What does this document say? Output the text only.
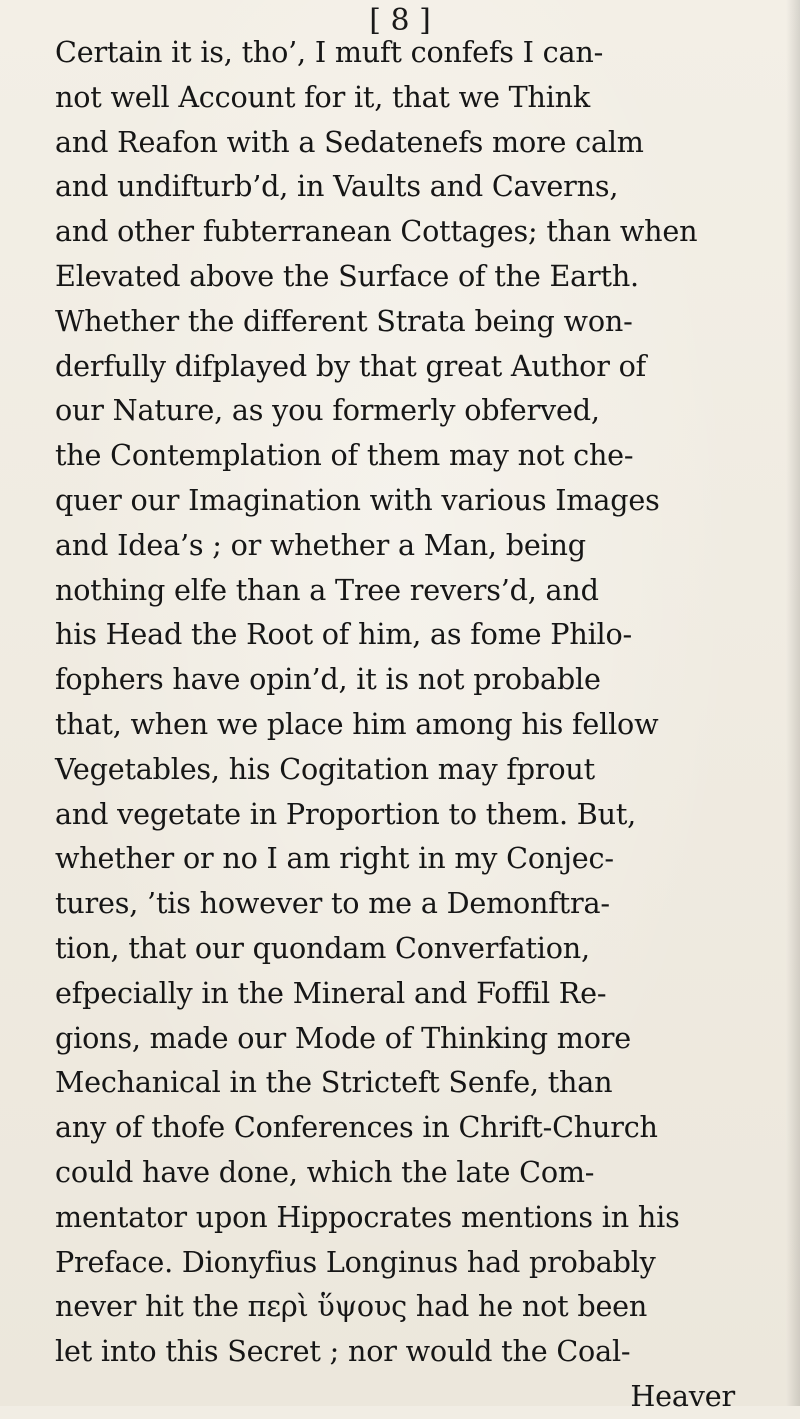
[ 8 ]
Certain it is, tho’, I muft confefs I can-
not well Account for it, that we Think
and Reafon with a Sedatenefs more calm
and undifturb’d, in Vaults and Caverns,
and other fubterranean Cottages; than when
Elevated above the Surface of the Earth.
Whether the different Strata being won-
derfully difplayed by that great Author of
our Nature, as you formerly obferved,
the Contemplation of them may not che-
quer our Imagination with various Images
and Idea’s ; or whether a Man, being
nothing elfe than a Tree revers’d, and
his Head the Root of him, as fome Philo-
fophers have opin’d, it is not probable
that, when we place him among his fellow
Vegetables, his Cogitation may fprout
and vegetate in Proportion to them. But,
whether or no I am right in my Conjec-
tures, ’tis however to me a Demonftra-
tion, that our quondam Converfation,
efpecially in the Mineral and Foffil Re-
gions, made our Mode of Thinking more
Mechanical in the Stricteft Senfe, than
any of thofe Conferences in Chrift-Church
could have done, which the late Com-
mentator upon Hippocrates mentions in his
Preface. Dionyfius Longinus had probably
never hit the περὶ ὕψους had he not been
let into this Secret ; nor would the Coal-
Heaver
